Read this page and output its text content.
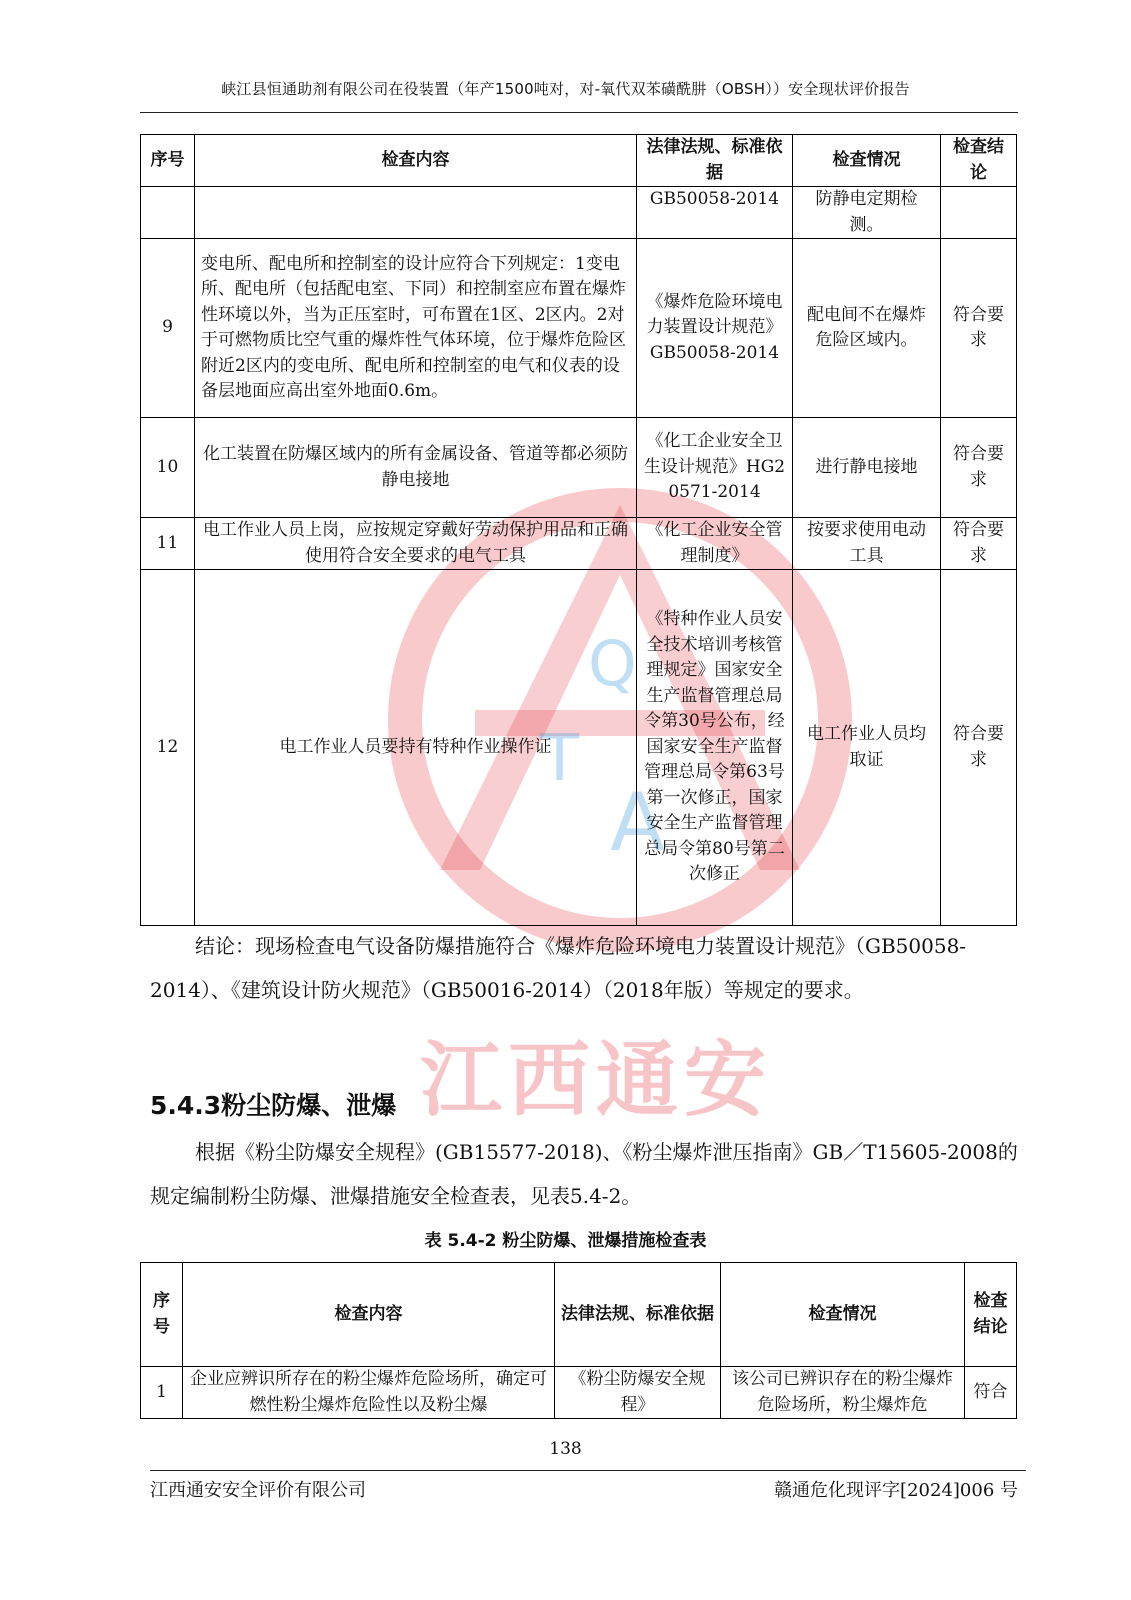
峡江县恒通助剂有限公司在役装置（年产1500吨对，对-氧代双苯磺酰肼（OBSH））安全现状评价报告
Q
T
A
序号	检查内容	法律法规、标准依据	检查情况	检查结论
		GB50058-2014	防静电定期检测。	
9	变电所、配电所和控制室的设计应符合下列规定：1变电所、配电所（包括配电室、下同）和控制室应布置在爆炸性环境以外，当为正压室时，可布置在1区、2区内。2对于可燃物质比空气重的爆炸性气体环境，位于爆炸危险区附近2区内的变电所、配电所和控制室的电气和仪表的设备层地面应高出室外地面0.6m。	《爆炸危险环境电力装置设计规范》GB50058-2014	配电间不在爆炸危险区域内。	符合要求
10	化工装置在防爆区域内的所有金属设备、管道等都必须防静电接地	《化工企业安全卫生设计规范》HG20571-2014	进行静电接地	符合要求
11	电工作业人员上岗，应按规定穿戴好劳动保护用品和正确使用符合安全要求的电气工具	《化工企业安全管理制度》	按要求使用电动工具	符合要求
12	电工作业人员要持有特种作业操作证	《特种作业人员安全技术培训考核管理规定》国家安全生产监督管理总局令第30号公布，经国家安全生产监督管理总局令第63号第一次修正，国家安全生产监督管理总局令第80号第二次修正	电工作业人员均取证	符合要求
结论：现场检查电气设备防爆措施符合《爆炸危险环境电力装置设计规范》（GB50058-2014）、《建筑设计防火规范》（GB50016-2014）（2018年版）等规定的要求。
江西通安
5.4.3粉尘防爆、泄爆
根据《粉尘防爆安全规程》(GB15577-2018)、《粉尘爆炸泄压指南》GB／T15605-2008的规定编制粉尘防爆、泄爆措施安全检查表，见表5.4-2。
表 5.4-2 粉尘防爆、泄爆措施检查表
序号	检查内容	法律法规、标准依据	检查情况	检查结论
1	企业应辨识所存在的粉尘爆炸危险场所，确定可燃性粉尘爆炸危险性以及粉尘爆	《粉尘防爆安全规程》	该公司已辨识存在的粉尘爆炸危险场所，粉尘爆炸危	符合
138
江西通安安全评价有限公司	赣通危化现评字[2024]006 号
